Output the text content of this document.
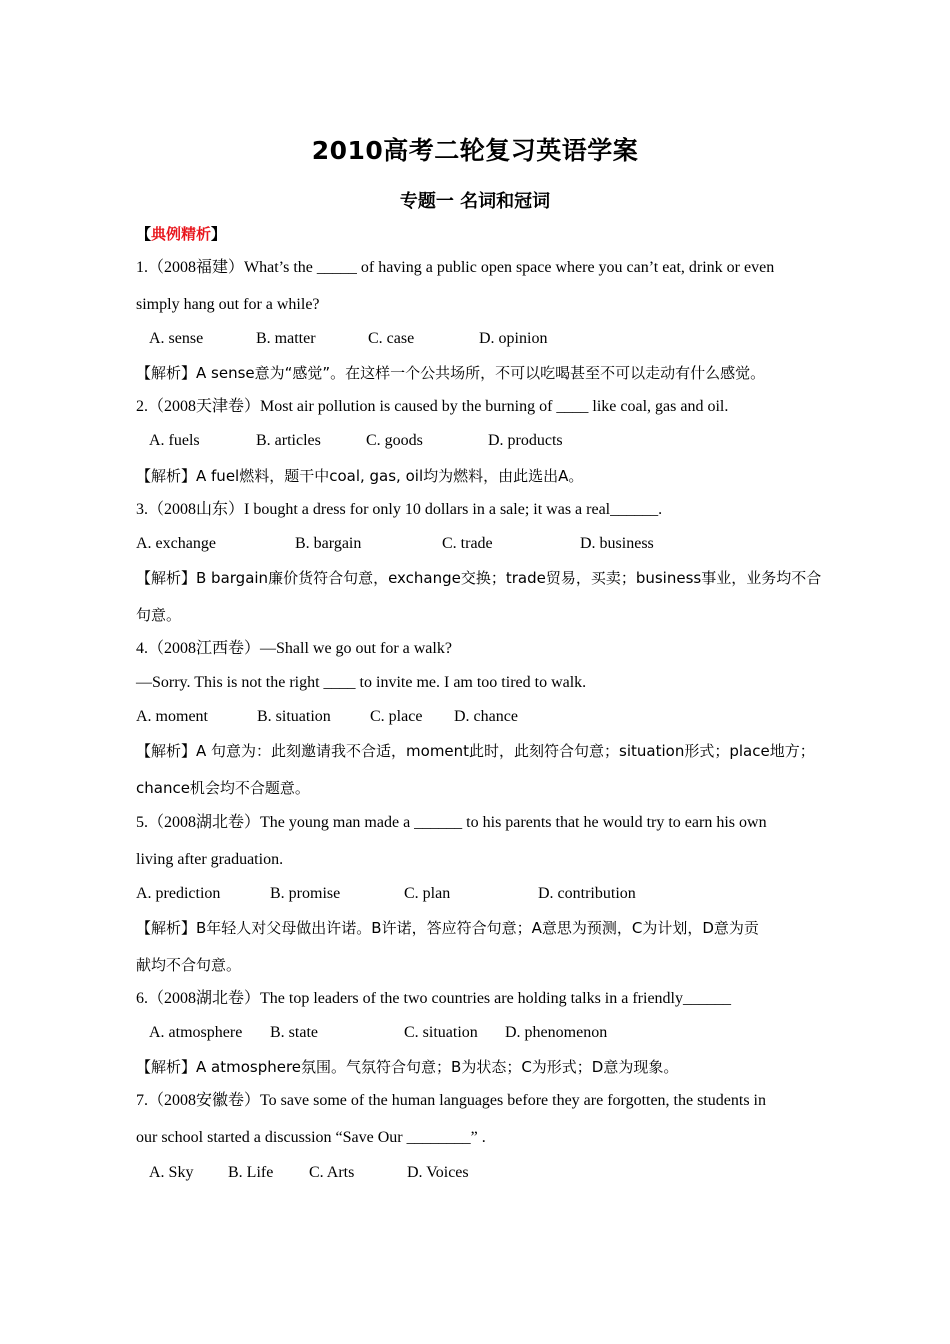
2010高考二轮复习英语学案
专题一 名词和冠词
【典例精析】
1.（2008福建）What’s the _____ of having a public open space where you can’t eat, drink or even
simply hang out for a while?
A. sense	B. matter	C. case	D. opinion
【解析】A sense意为“感觉”。在这样一个公共场所，不可以吃喝甚至不可以走动有什么感觉。
2.（2008天津卷）Most air pollution is caused by the burning of ____ like coal, gas and oil.
A. fuels	B. articles	C. goods	D. products
【解析】A fuel燃料，题干中coal, gas, oil均为燃料，由此选出A。
3.（2008山东）I bought a dress for only 10 dollars in a sale; it was a real______.
A. exchange	B. bargain	C. trade	D. business
【解析】B bargain廉价货符合句意，exchange交换；trade贸易，买卖；business事业，业务均不合
句意。
4.（2008江西卷）—Shall we go out for a walk?
—Sorry. This is not the right ____ to invite me. I am too tired to walk.
A. moment	B. situation C. place D. chance
【解析】A 句意为：此刻邀请我不合适，moment此时，此刻符合句意；situation形式；place地方；
chance机会均不合题意。
5.（2008湖北卷）The young man made a ______ to his parents that he would try to earn his own
living after graduation.
A. prediction	B. promise	C. plan	D. contribution
【解析】B年轻人对父母做出许诺。B许诺，答应符合句意；A意思为预测，C为计划，D意为贡
献均不合句意。
6.（2008湖北卷）The top leaders of the two countries are holding talks in a friendly______
A. atmosphere B. state	C. situation D. phenomenon
【解析】A atmosphere氛围。气氛符合句意；B为状态；C为形式；D意为现象。
7.（2008安徽卷）To save some of the human languages before they are forgotten, the students in
our school started a discussion “Save Our ________” .
A. Sky B. Life C. Arts	D. Voices
